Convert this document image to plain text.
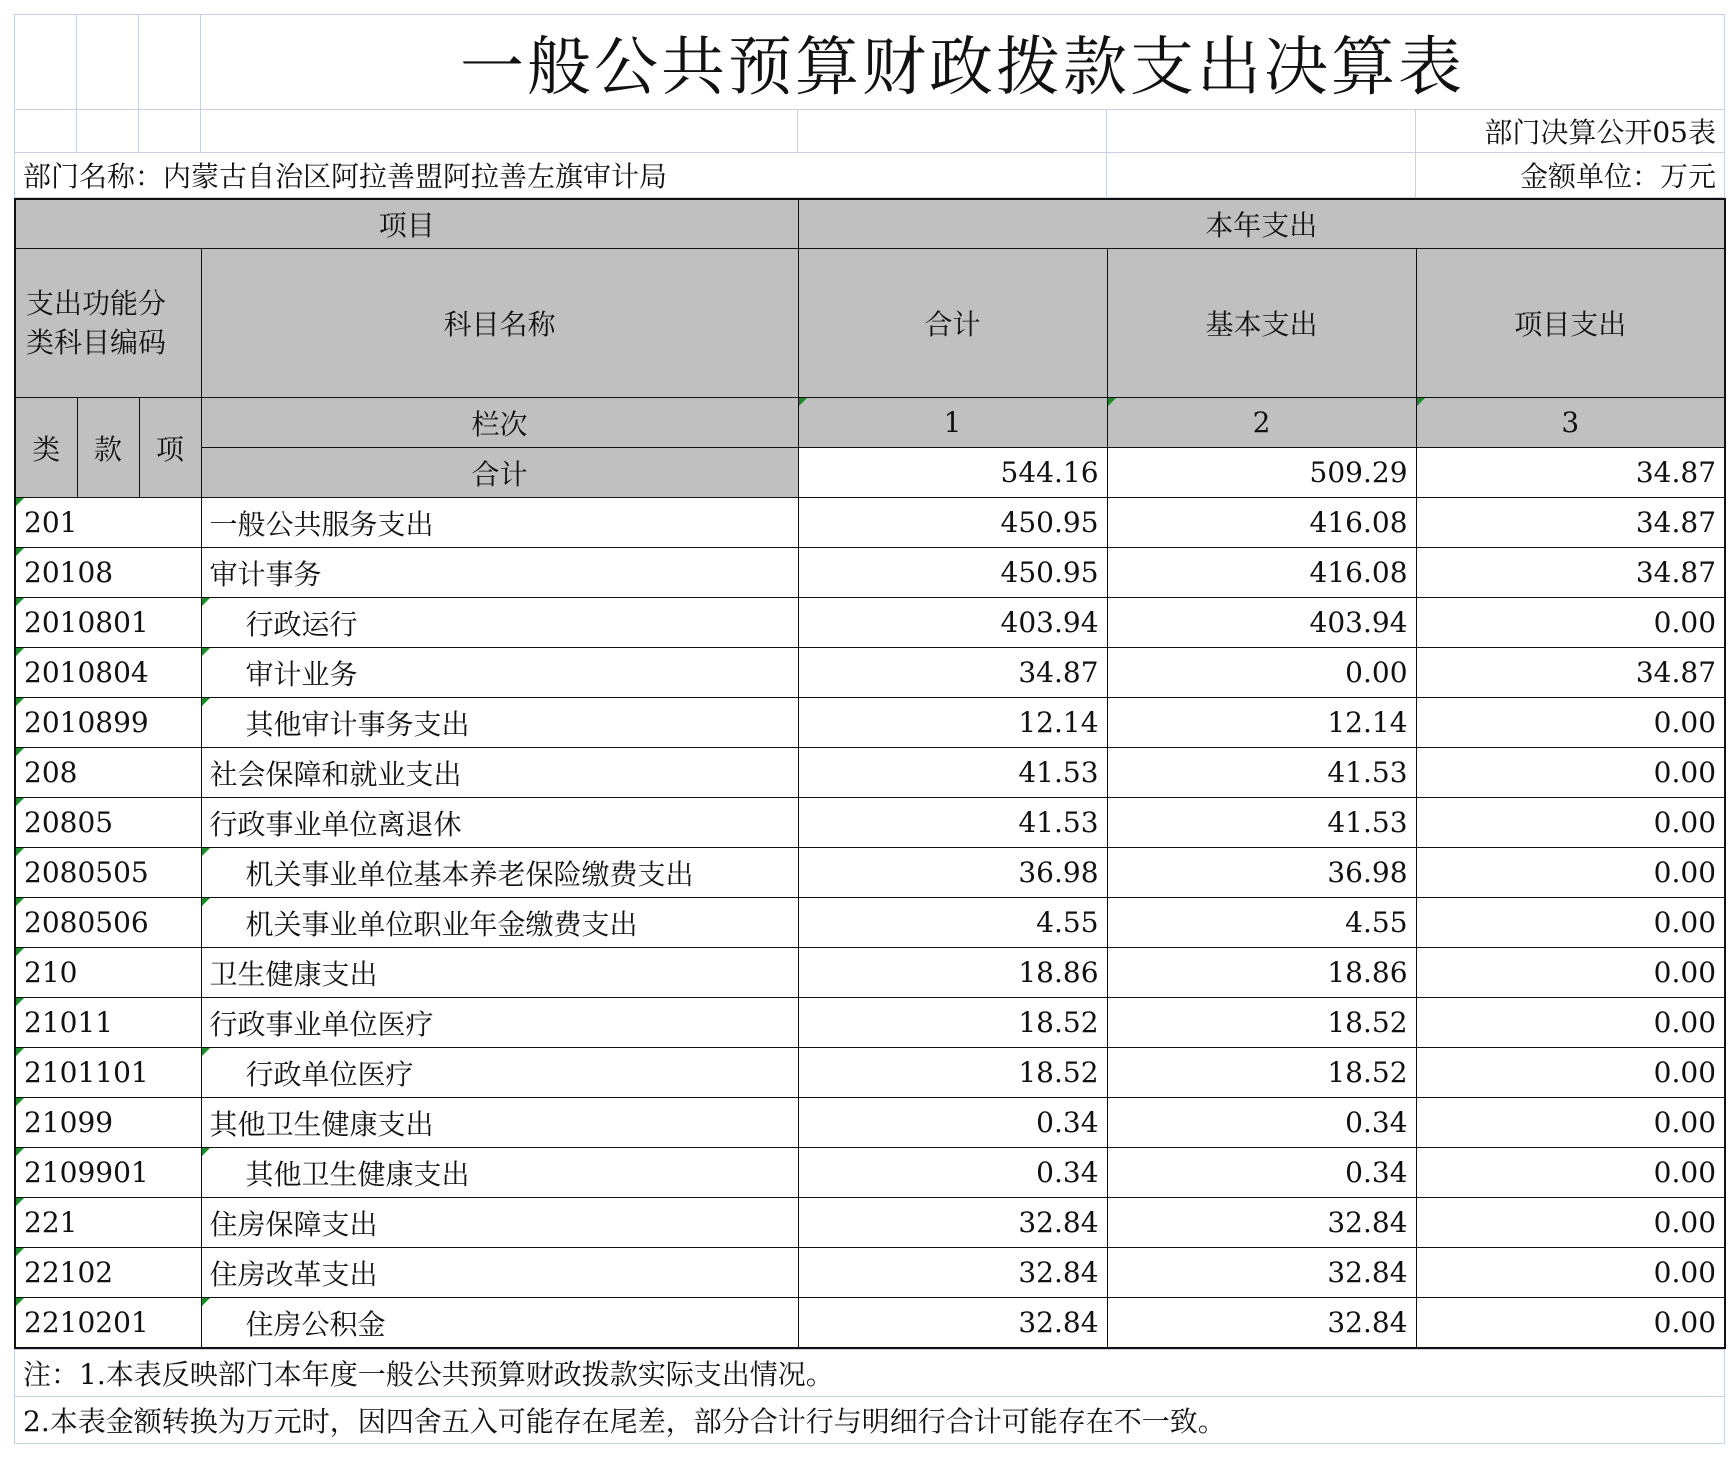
			一般公共预算财政拨款支出决算表			
						部门决算公开05表
部门名称：内蒙古自治区阿拉善盟阿拉善左旗审计局						金额单位：万元
项目				本年支出		
支出功能分类科目编码			科目名称	合计	基本支出	项目支出
类	款	项	栏次	1	2	3
			合计	544.16	509.29	34.87
201			一般公共服务支出	450.95	416.08	34.87
20108			审计事务	450.95	416.08	34.87
2010801			行政运行	403.94	403.94	0.00
2010804			审计业务	34.87	0.00	34.87
2010899			其他审计事务支出	12.14	12.14	0.00
208			社会保障和就业支出	41.53	41.53	0.00
20805			行政事业单位离退休	41.53	41.53	0.00
2080505			机关事业单位基本养老保险缴费支出	36.98	36.98	0.00
2080506			机关事业单位职业年金缴费支出	4.55	4.55	0.00
210			卫生健康支出	18.86	18.86	0.00
21011			行政事业单位医疗	18.52	18.52	0.00
2101101			行政单位医疗	18.52	18.52	0.00
21099			其他卫生健康支出	0.34	0.34	0.00
2109901			其他卫生健康支出	0.34	0.34	0.00
221			住房保障支出	32.84	32.84	0.00
22102			住房改革支出	32.84	32.84	0.00
2210201			住房公积金	32.84	32.84	0.00
注：1.本表反映部门本年度一般公共预算财政拨款实际支出情况。
2.本表金额转换为万元时，因四舍五入可能存在尾差，部分合计行与明细行合计可能存在不一致。
